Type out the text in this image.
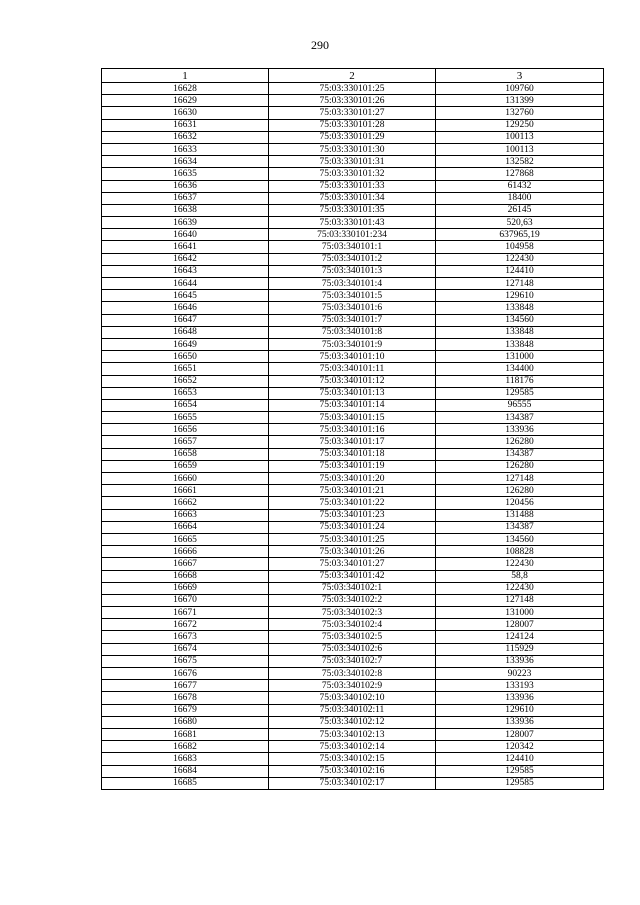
290
1	2	3
16628	75:03:330101:25	109760
16629	75:03:330101:26	131399
16630	75:03:330101:27	132760
16631	75:03:330101:28	129250
16632	75:03:330101:29	100113
16633	75:03:330101:30	100113
16634	75:03:330101:31	132582
16635	75:03:330101:32	127868
16636	75:03:330101:33	61432
16637	75:03:330101:34	18400
16638	75:03:330101:35	26145
16639	75:03:330101:43	520,63
16640	75:03:330101:234	637965,19
16641	75:03:340101:1	104958
16642	75:03:340101:2	122430
16643	75:03:340101:3	124410
16644	75:03:340101:4	127148
16645	75:03:340101:5	129610
16646	75:03:340101:6	133848
16647	75:03:340101:7	134560
16648	75:03:340101:8	133848
16649	75:03:340101:9	133848
16650	75:03:340101:10	131000
16651	75:03:340101:11	134400
16652	75:03:340101:12	118176
16653	75:03:340101:13	129585
16654	75:03:340101:14	96555
16655	75:03:340101:15	134387
16656	75:03:340101:16	133936
16657	75:03:340101:17	126280
16658	75:03:340101:18	134387
16659	75:03:340101:19	126280
16660	75:03:340101:20	127148
16661	75:03:340101:21	126280
16662	75:03:340101:22	120456
16663	75:03:340101:23	131488
16664	75:03:340101:24	134387
16665	75:03:340101:25	134560
16666	75:03:340101:26	108828
16667	75:03:340101:27	122430
16668	75:03:340101:42	58,8
16669	75:03:340102:1	122430
16670	75:03:340102:2	127148
16671	75:03:340102:3	131000
16672	75:03:340102:4	128007
16673	75:03:340102:5	124124
16674	75:03:340102:6	115929
16675	75:03:340102:7	133936
16676	75:03:340102:8	90223
16677	75:03:340102:9	133193
16678	75:03:340102:10	133936
16679	75:03:340102:11	129610
16680	75:03:340102:12	133936
16681	75:03:340102:13	128007
16682	75:03:340102:14	120342
16683	75:03:340102:15	124410
16684	75:03:340102:16	129585
16685	75:03:340102:17	129585
